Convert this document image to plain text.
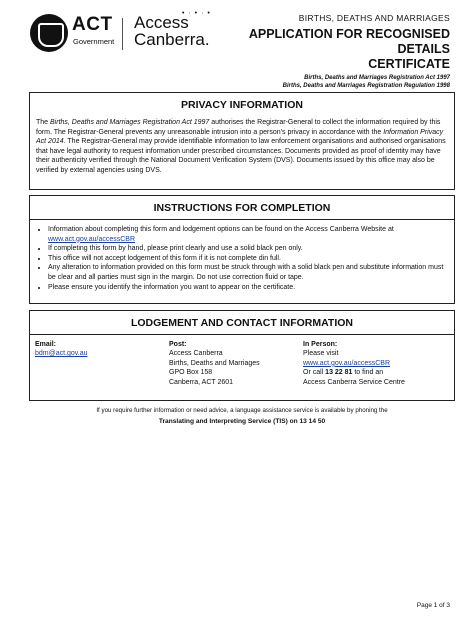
ACT
Government
• · • · •
Access
Canberra.
BIRTHS, DEATHS AND MARRIAGES
APPLICATION FOR RECOGNISED DETAILS
CERTIFICATE
Births, Deaths and Marriages Registration Act 1997
Births, Deaths and Marriages Registration Regulation 1998
PRIVACY INFORMATION
The Births, Deaths and Marriages Registration Act 1997 authorises the Registrar-General to collect the information required by this form. The Registrar-General prevents any unreasonable intrusion into a person’s privacy in accordance with the Information Privacy Act 2014. The Registrar-General may provide identifiable information to law enforcement organisations and authorised organisations that have legal authority to request information under prescribed circumstances. Documents provided as proof of identity may have their authenticity verified through the National Document Verification System (DVS). Documents issued by this office may also be verified by external agencies using DVS.
INSTRUCTIONS FOR COMPLETION
• Information about completing this form and lodgement options can be found on the Access Canberra Website at www.act.gov.au/accessCBR
• If completing this form by hand, please print clearly and use a solid black pen only.
• This office will not accept lodgement of this form if it is not complete din full.
• Any alteration to information provided on this form must be struck through with a solid black pen and substitute information must be clear and all parties must sign in the margin. Do not use correction fluid or tape.
• Please ensure you identify the information you want to appear on the certificate.
LODGEMENT AND CONTACT INFORMATION
Email:
bdm@act.gov.au
Post:
Access Canberra
Births, Deaths and Marriages
GPO Box 158
Canberra, ACT 2601
In Person:
Please visit
www.act.gov.au/accessCBR
Or call 13 22 81 to find an
Access Canberra Service Centre
If you require further information or need advice, a language assistance service is available by phoning the
Translating and Interpreting Service (TIS) on 13 14 50
Page 1 of 3
